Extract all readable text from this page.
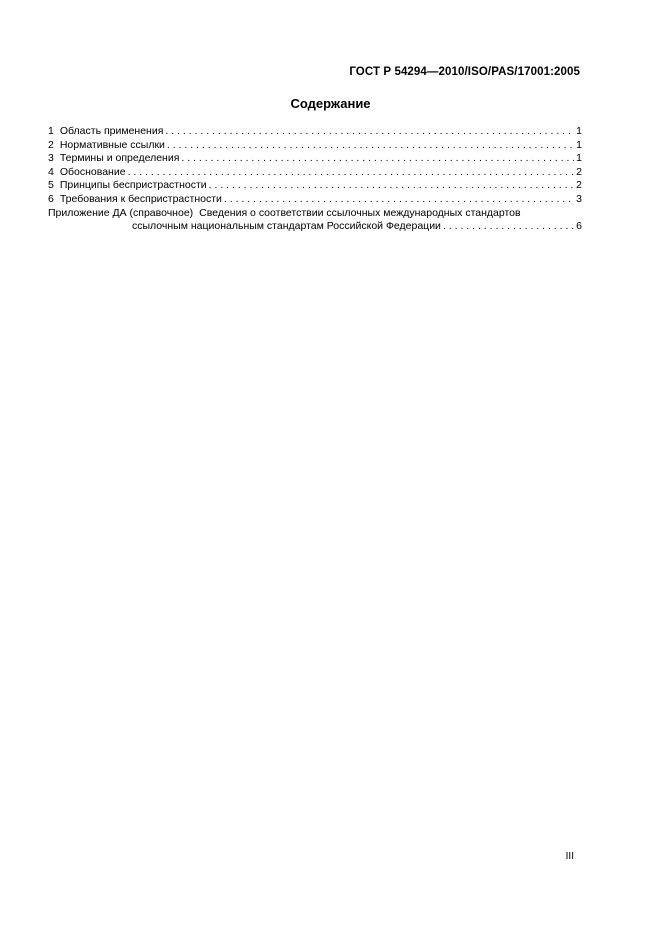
ГОСТ Р 54294—2010/ISO/PAS/17001:2005
Содержание
1 Область применения . . .	1
2 Нормативные ссылки . . .	1
3 Термины и определения . . .	1
4 Обоснование . . .	2
5 Принципы беспристрастности . . .	2
6 Требования к беспристрастности . . .	3
Приложение ДА (справочное) Сведения о соответствии ссылочных международных стандартов
ссылочным национальным стандартам Российской Федерации . . .	6
III
